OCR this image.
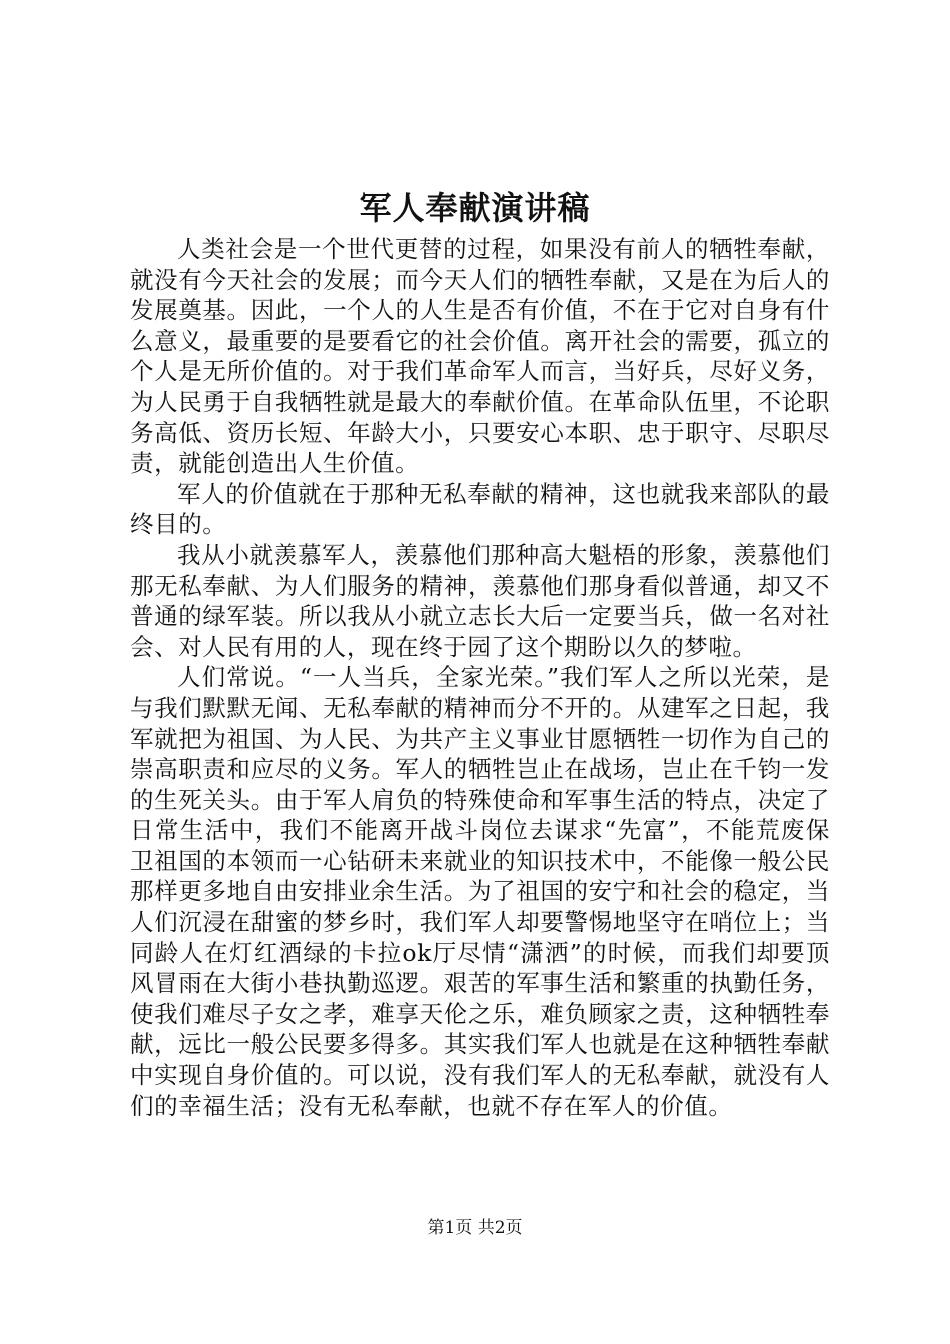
军人奉献演讲稿

人类社会是一个世代更替的过程，如果没有前人的牺牲奉献，就没有今天社会的发展；而今天人们的牺牲奉献，又是在为后人的发展奠基。因此，一个人的人生是否有价值，不在于它对自身有什么意义，最重要的是要看它的社会价值。离开社会的需要，孤立的个人是无所价值的。对于我们革命军人而言，当好兵，尽好义务，为人民勇于自我牺牲就是最大的奉献价值。在革命队伍里，不论职务高低、资历长短、年龄大小，只要安心本职、忠于职守、尽职尽责，就能创造出人生价值。

军人的价值就在于那种无私奉献的精神，这也就我来部队的最终目的。

我从小就羡慕军人，羡慕他们那种高大魁梧的形象，羡慕他们那无私奉献、为人们服务的精神，羡慕他们那身看似普通，却又不普通的绿军装。所以我从小就立志长大后一定要当兵，做一名对社会、对人民有用的人，现在终于园了这个期盼以久的梦啦。

人们常说。“一人当兵，全家光荣。”我们军人之所以光荣，是与我们默默无闻、无私奉献的精神而分不开的。从建军之日起，我军就把为祖国、为人民、为共产主义事业甘愿牺牲一切作为自己的崇高职责和应尽的义务。军人的牺牲岂止在战场，岂止在千钧一发的生死关头。由于军人肩负的特殊使命和军事生活的特点，决定了日常生活中，我们不能离开战斗岗位去谋求“先富”，不能荒废保卫祖国的本领而一心钻研未来就业的知识技术中，不能像一般公民那样更多地自由安排业余生活。为了祖国的安宁和社会的稳定，当人们沉浸在甜蜜的梦乡时，我们军人却要警惕地坚守在哨位上；当同龄人在灯红酒绿的卡拉ok厅尽情“潇洒”的时候，而我们却要顶风冒雨在大街小巷执勤巡逻。艰苦的军事生活和繁重的执勤任务，使我们难尽子女之孝，难享天伦之乐，难负顾家之责，这种牺牲奉献，远比一般公民要多得多。其实我们军人也就是在这种牺牲奉献中实现自身价值的。可以说，没有我们军人的无私奉献，就没有人们的幸福生活；没有无私奉献，也就不存在军人的价值。

第1页 共2页
